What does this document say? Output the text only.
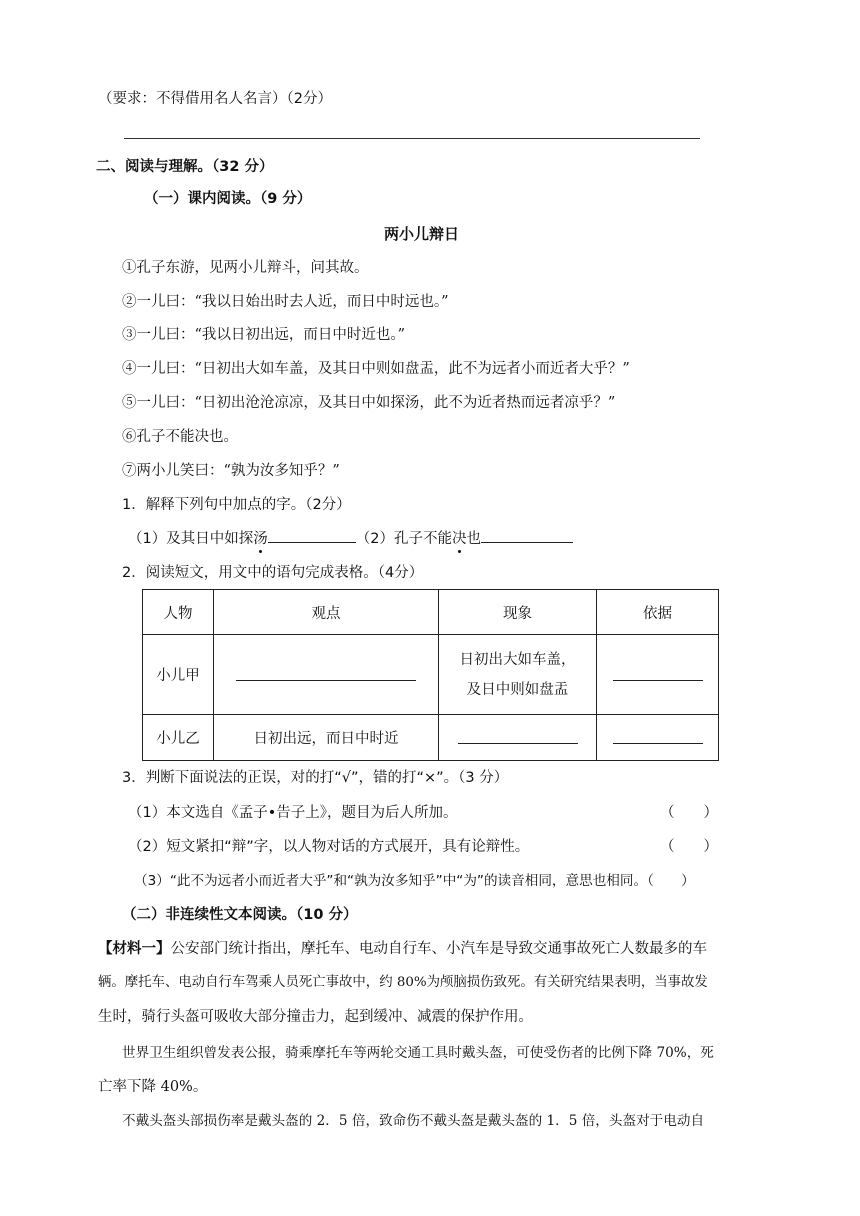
（要求：不得借用名人名言）（2分）
二、阅读与理解。（32 分）
（一）课内阅读。（9 分）
两小儿辩日
①孔子东游，见两小儿辩斗，问其故。
②一儿曰：“我以日始出时去人近，而日中时远也。”
③一儿曰：“我以日初出远，而日中时近也。”
④一儿曰：“日初出大如车盖，及其日中则如盘盂，此不为远者小而近者大乎？”
⑤一儿曰：“日初出沧沧凉凉，及其日中如探汤，此不为近者热而远者凉乎？”
⑥孔子不能决也。
⑦两小儿笑曰：“孰为汝多知乎？”
1．解释下列句中加点的字。（2分）
（1）及其日中如探汤	（2）孔子不能决也
2．阅读短文，用文中的语句完成表格。（4分）
人物	观点	现象	依据
小儿甲		日初出大如车盖，
及日中则如盘盂	

小儿乙	日初出远，而日中时近		
3．判断下面说法的正误，对的打“√”，错的打“×”。（3 分）
（1）本文选自《孟子•告子上》，题目为后人所加。	（　　）
（2）短文紧扣“辩”字，以人物对话的方式展开，具有论辩性。	（　　）
（3）“此不为远者小而近者大乎”和“孰为汝多知乎”中“为”的读音相同，意思也相同。（　　）
（二）非连续性文本阅读。（10 分）
【材料一】公安部门统计指出，摩托车、电动自行车、小汽车是导致交通事故死亡人数最多的车
辆。摩托车、电动自行车驾乘人员死亡事故中，约 80%为颅脑损伤致死。有关研究结果表明，当事故发
生时，骑行头盔可吸收大部分撞击力，起到缓冲、减震的保护作用。
世界卫生组织曾发表公报，骑乘摩托车等两轮交通工具时戴头盔，可使受伤者的比例下降 70%，死
亡率下降 40%。
不戴头盔头部损伤率是戴头盔的 2．5 倍，致命伤不戴头盔是戴头盔的 1．5 倍，头盔对于电动自
